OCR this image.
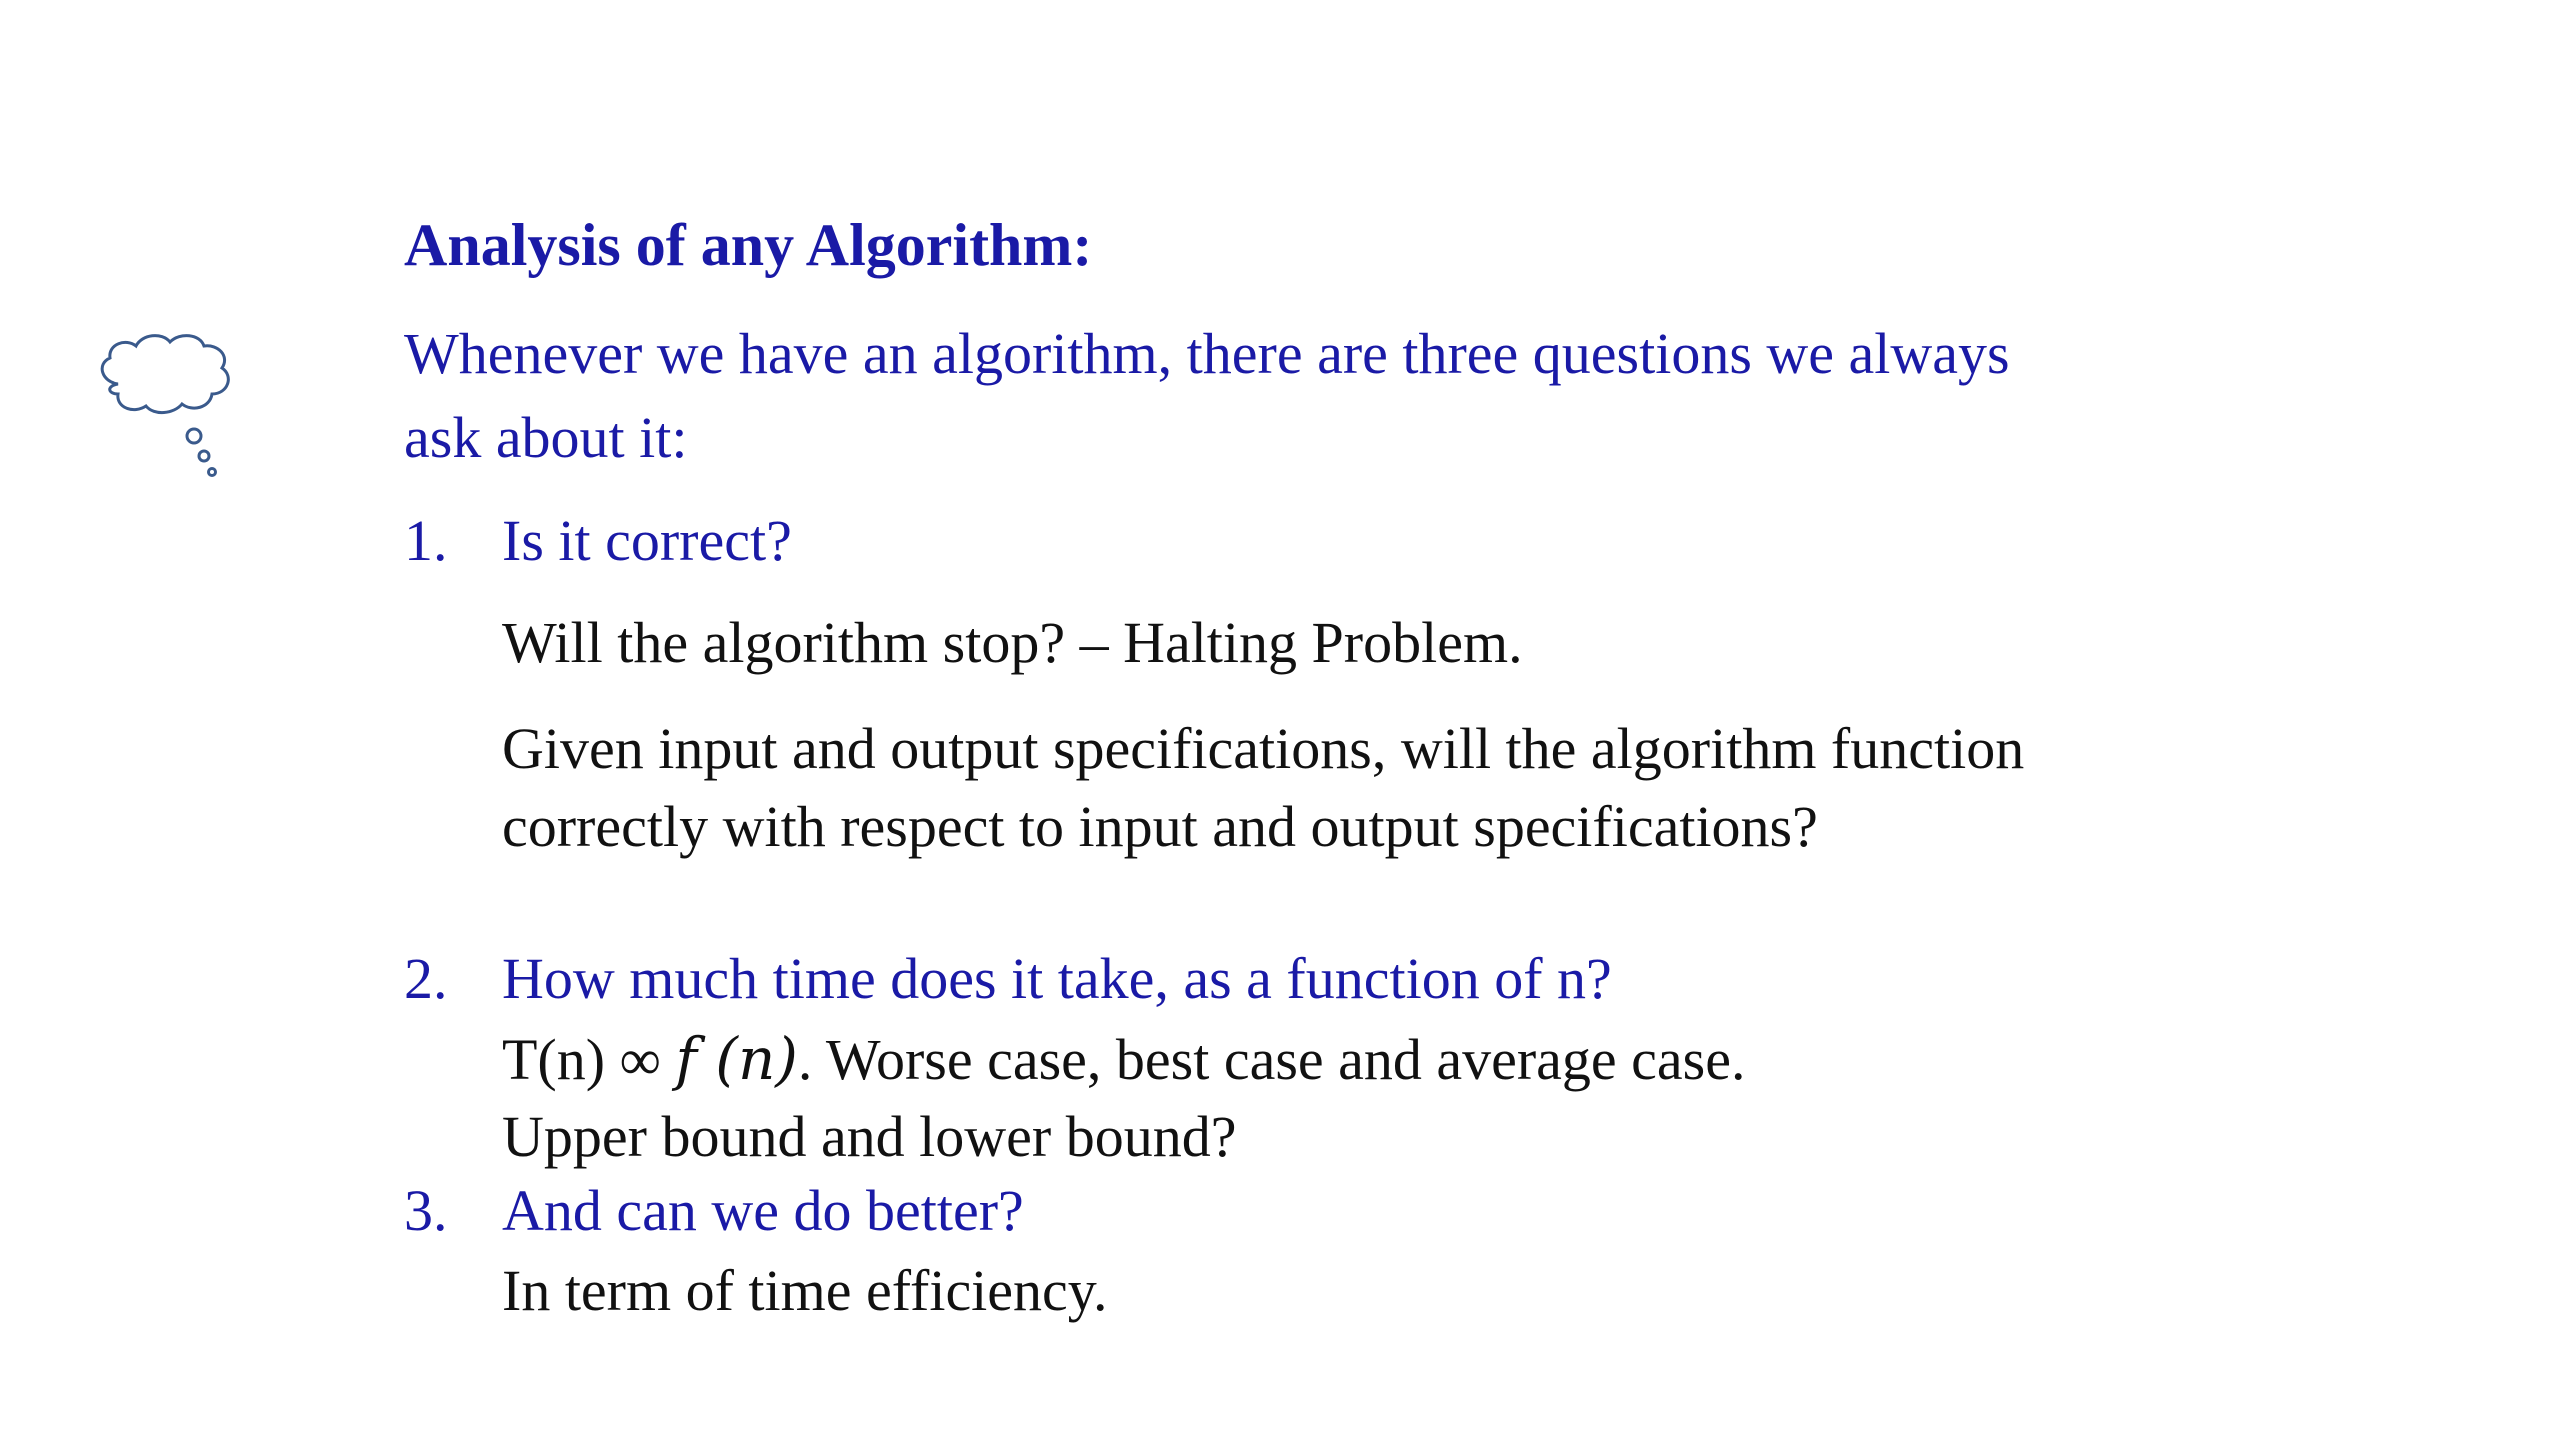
Analysis of any Algorithm:
Whenever we have an algorithm, there are three questions we always ask about it:
1. Is it correct?
Will the algorithm stop? – Halting Problem.
Given input and output specifications, will the algorithm function correctly with respect to input and output specifications?
2. How much time does it take, as a function of n?
T(n) ∞ f (n). Worse case, best case and average case.
Upper bound and lower bound?
3. And can we do better?
In term of time efficiency.
